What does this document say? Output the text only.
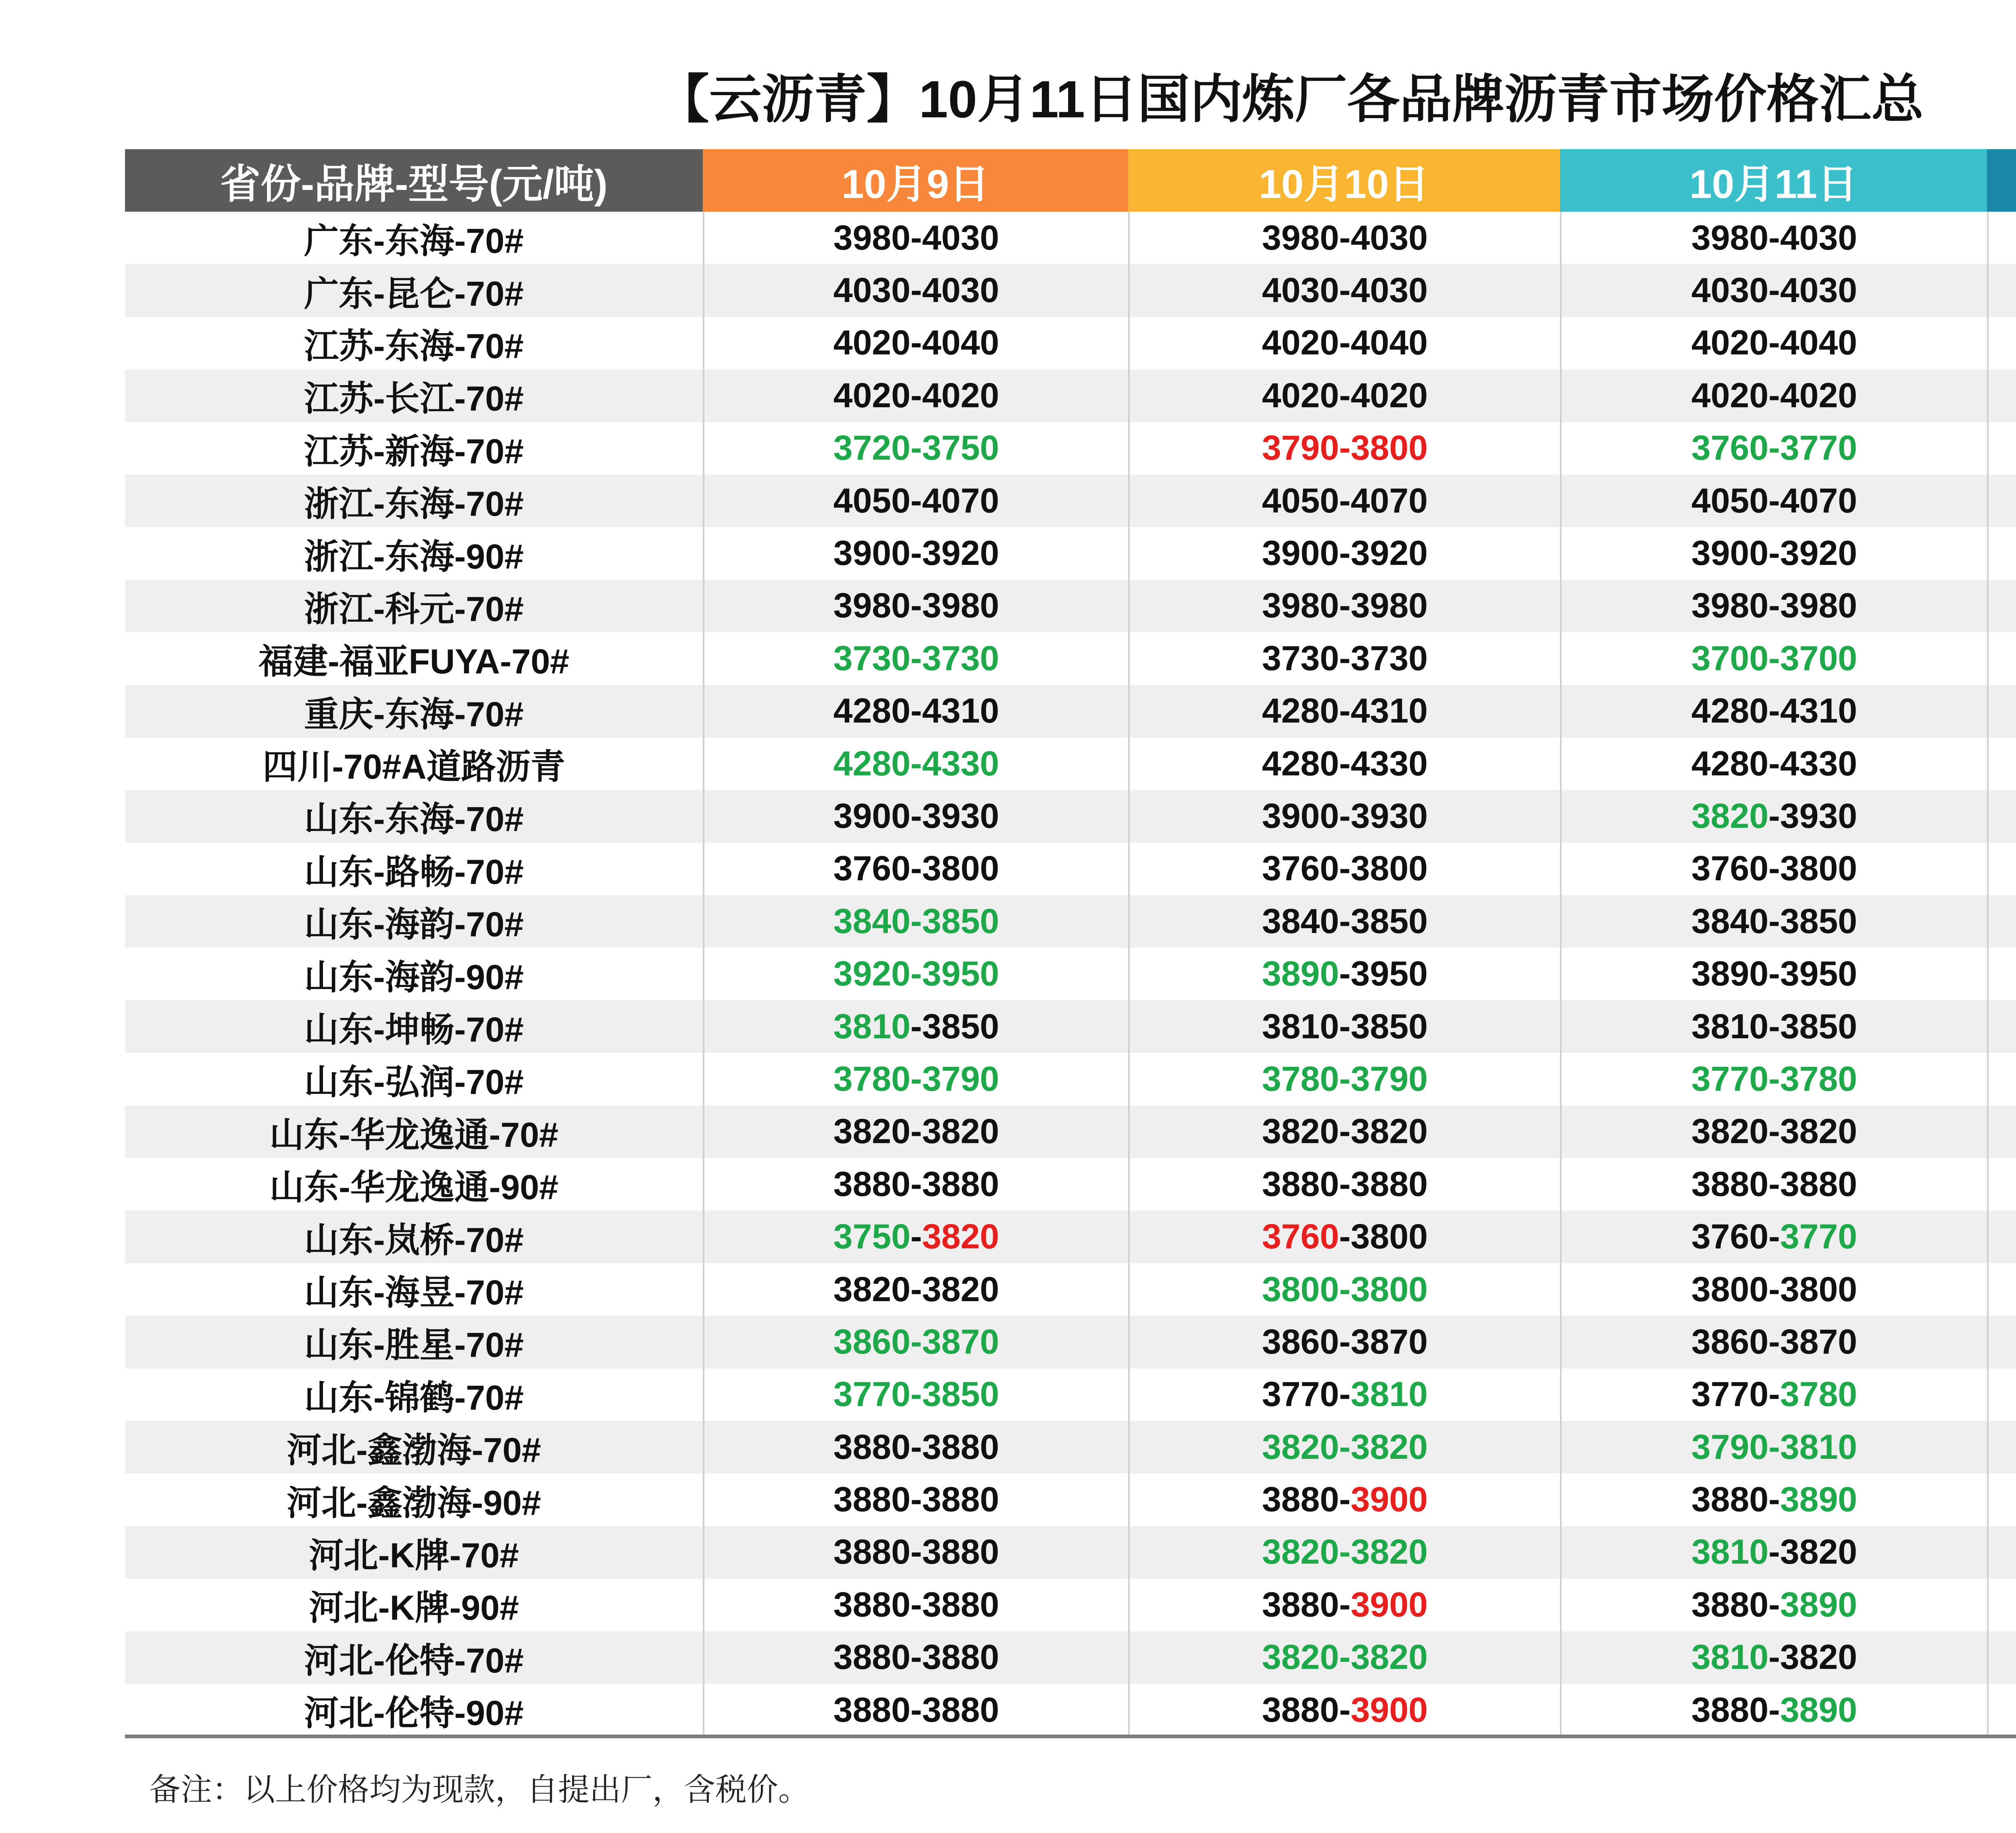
【云沥青】10月11日国内炼厂各品牌沥青市场价格汇总
省份-品牌-型号(元/吨)	10月9日	10月10日	10月11日
广东-东海-70#	3980-4030	3980-4030	3980-4030
广东-昆仑-70#	4030-4030	4030-4030	4030-4030
江苏-东海-70#	4020-4040	4020-4040	4020-4040
江苏-长江-70#	4020-4020	4020-4020	4020-4020
江苏-新海-70#	3720-3750	3790-3800	3760-3770
浙江-东海-70#	4050-4070	4050-4070	4050-4070
浙江-东海-90#	3900-3920	3900-3920	3900-3920
浙江-科元-70#	3980-3980	3980-3980	3980-3980
福建-福亚FUYA-70#	3730-3730	3730-3730	3700-3700
重庆-东海-70#	4280-4310	4280-4310	4280-4310
四川-70#A道路沥青	4280-4330	4280-4330	4280-4330
山东-东海-70#	3900-3930	3900-3930	3820 -3930
山东-路畅-70#	3760-3800	3760-3800	3760-3800
山东-海韵-70#	3840-3850	3840-3850	3840-3850
山东-海韵-90#	3920-3950	3890 -3950	3890-3950
山东-坤畅-70#	3810 -3850	3810-3850	3810-3850
山东-弘润-70#	3780-3790	3780-3790	3770-3780
山东-华龙逸通-70#	3820-3820	3820-3820	3820-3820
山东-华龙逸通-90#	3880-3880	3880-3880	3880-3880
山东-岚桥-70#	3750 - 3820	3760 -3800	3760- 3770
山东-海昱-70#	3820-3820	3800-3800	3800-3800
山东-胜星-70#	3860-3870	3860-3870	3860-3870
山东-锦鹤-70#	3770-3850	3770- 3810	3770- 3780
河北-鑫渤海-70#	3880-3880	3820-3820	3790-3810
河北-鑫渤海-90#	3880-3880	3880- 3900	3880- 3890
河北-K牌-70#	3880-3880	3820-3820	3810 -3820
河北-K牌-90#	3880-3880	3880- 3900	3880- 3890
河北-伦特-70#	3880-3880	3820-3820	3810 -3820
河北-伦特-90#	3880-3880	3880- 3900	3880- 3890
备注：以上价格均为现款，自提出厂，含税价。
